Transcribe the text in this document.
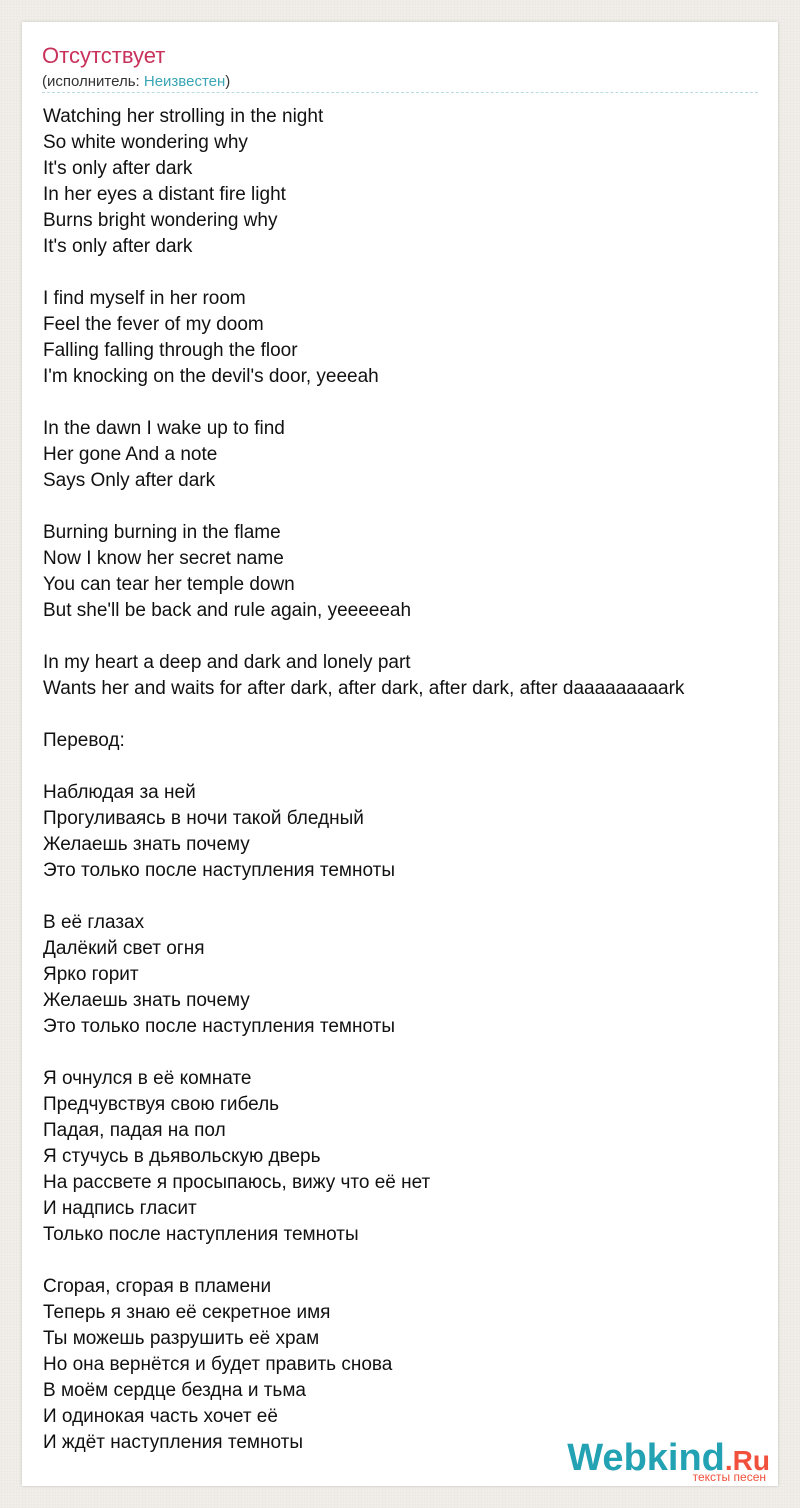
Отсутствует
(исполнитель: Неизвестен)
Watching her strolling in the night
So white wondering why
It's only after dark
In her eyes a distant fire light
Burns bright wondering why
It's only after dark
I find myself in her room
Feel the fever of my doom
Falling falling through the floor
I'm knocking on the devil's door, yeeeah
In the dawn I wake up to find
Her gone And a note
Says Only after dark
Burning burning in the flame
Now I know her secret name
You can tear her temple down
But she'll be back and rule again, yeeeeeah
In my heart a deep and dark and lonely part
Wants her and waits for after dark, after dark, after dark, after daaaaaaaaark
Перевод:
Наблюдая за ней
Прогуливаясь в ночи такой бледный
Желаешь знать почему
Это только после наступления темноты
В её глазах
Далёкий свет огня
Ярко горит
Желаешь знать почему
Это только после наступления темноты
Я очнулся в её комнате
Предчувствуя свою гибель
Падая, падая на пол
Я стучусь в дьявольскую дверь
На рассвете я просыпаюсь, вижу что её нет
И надпись гласит
Только после наступления темноты
Сгорая, сгорая в пламени
Теперь я знаю её секретное имя
Ты можешь разрушить её храм
Но она вернётся и будет править снова
В моём сердце бездна и тьма
И одинокая часть хочет её
И ждёт наступления темноты	Webkind.Ru
тексты песен
